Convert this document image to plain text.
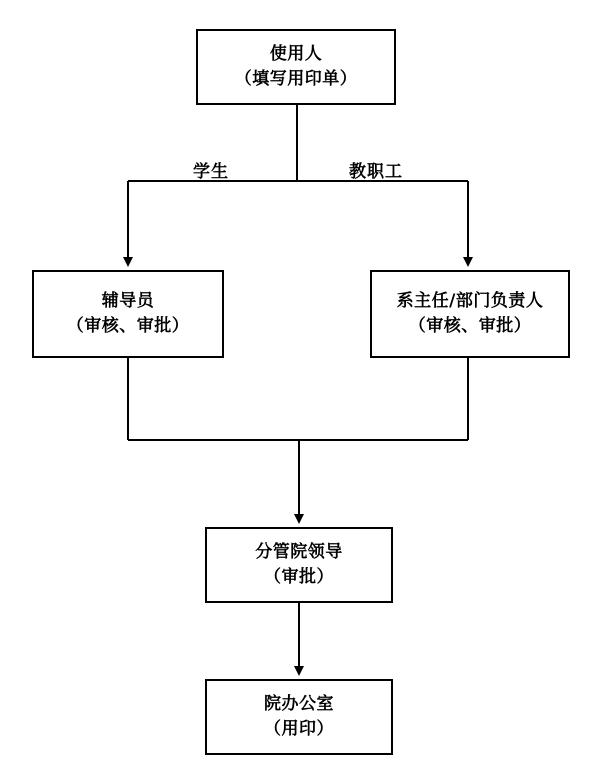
使用人
（填写用印单）
辅导员
（审核、审批）
系主任/部门负责人
（审核、审批）
分管院领导
（审批）
院办公室
（用印）
学生	教职工
